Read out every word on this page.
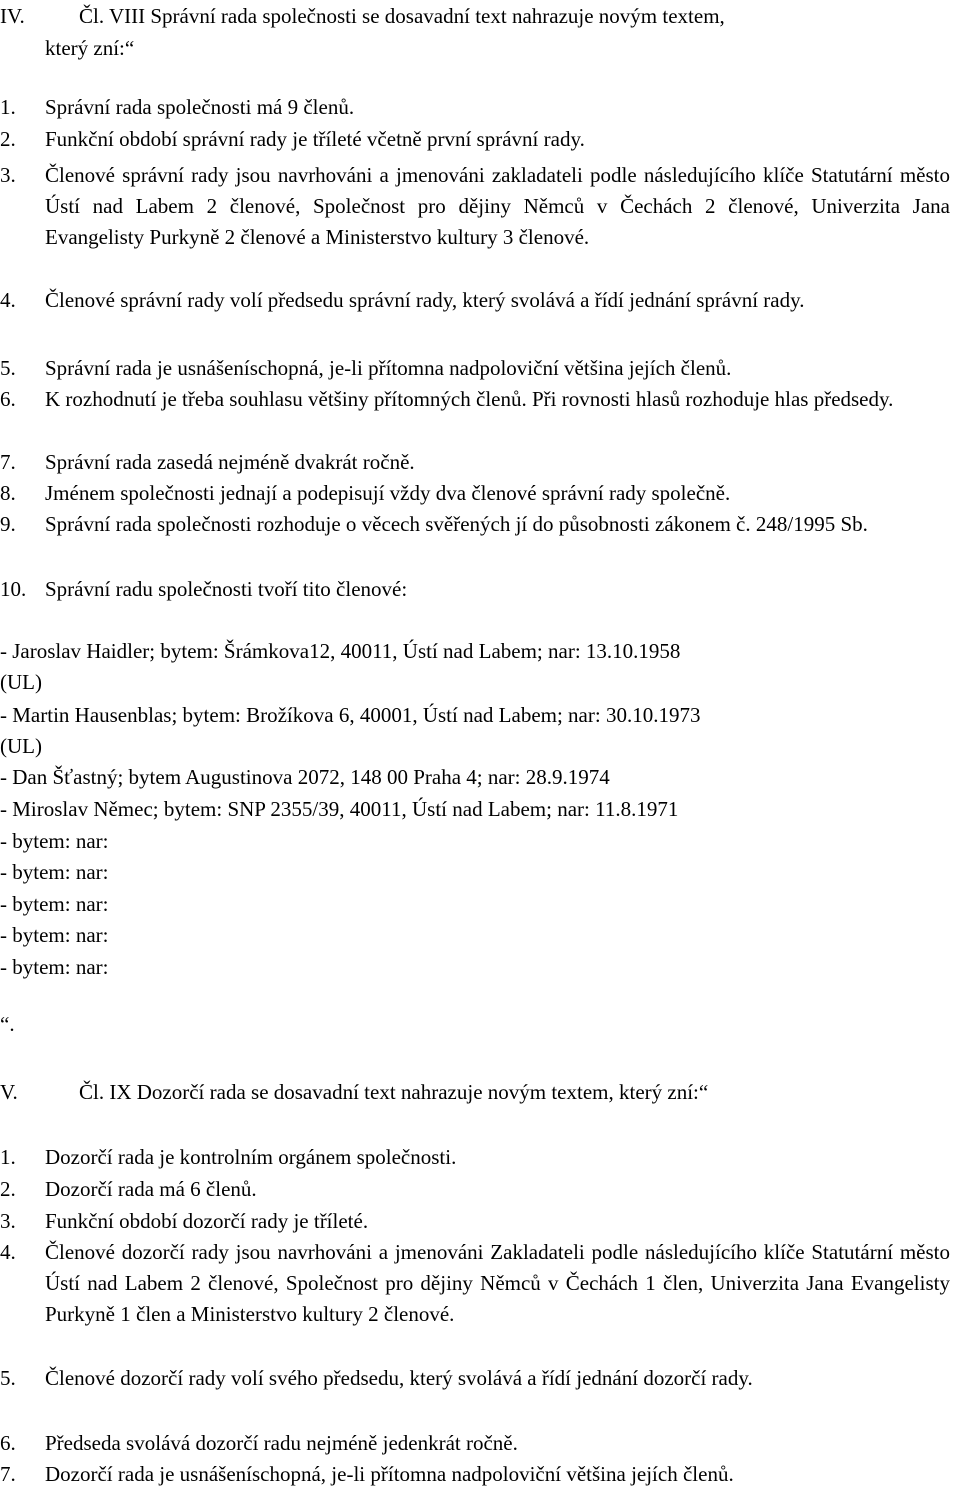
IV.	Čl. VIII Správní rada společnosti se dosavadní text nahrazuje novým textem,
který zní:“
1. Správní rada společnosti má 9 členů.
2. Funkční období správní rady je tříleté včetně první správní rady.
3. Členové správní rady jsou navrhováni a jmenováni zakladateli podle následujícího klíče Statutární město Ústí nad Labem 2 členové, Společnost pro dějiny Němců v Čechách 2 členové, Univerzita Jana Evangelisty Purkyně 2 členové a Ministerstvo kultury 3 členové.
4. Členové správní rady volí předsedu správní rady, který svolává a řídí jednání správní rady.
5. Správní rada je usnášeníschopná, je-li přítomna nadpoloviční většina jejích členů.
6. K rozhodnutí je třeba souhlasu většiny přítomných členů. Při rovnosti hlasů rozhoduje hlas předsedy.
7. Správní rada zasedá nejméně dvakrát ročně.
8. Jménem společnosti jednají a podepisují vždy dva členové správní rady společně.
9. Správní rada společnosti rozhoduje o věcech svěřených jí do působnosti zákonem č. 248/1995 Sb.
10. Správní radu společnosti tvoří tito členové:
- Jaroslav Haidler; bytem: Šrámkova12, 40011, Ústí nad Labem; nar: 13.10.1958
(UL)
- Martin Hausenblas; bytem: Brožíkova 6, 40001, Ústí nad Labem; nar: 30.10.1973
(UL)
- Dan Šťastný; bytem Augustinova 2072, 148 00 Praha 4; nar: 28.9.1974
- Miroslav Němec; bytem: SNP 2355/39, 40011, Ústí nad Labem; nar: 11.8.1971
- bytem: nar:
- bytem: nar:
- bytem: nar:
- bytem: nar:
- bytem: nar:
“.
V.	Čl. IX Dozorčí rada se dosavadní text nahrazuje novým textem, který zní:“
1. Dozorčí rada je kontrolním orgánem společnosti.
2. Dozorčí rada má 6 členů.
3. Funkční období dozorčí rady je tříleté.
4. Členové dozorčí rady jsou navrhováni a jmenováni Zakladateli podle následujícího klíče Statutární město Ústí nad Labem 2 členové, Společnost pro dějiny Němců v Čechách 1 člen, Univerzita Jana Evangelisty Purkyně 1 člen a Ministerstvo kultury 2 členové.
5. Členové dozorčí rady volí svého předsedu, který svolává a řídí jednání dozorčí rady.
6. Předseda svolává dozorčí radu nejméně jedenkrát ročně.
7. Dozorčí rada je usnášeníschopná, je-li přítomna nadpoloviční většina jejích členů.
